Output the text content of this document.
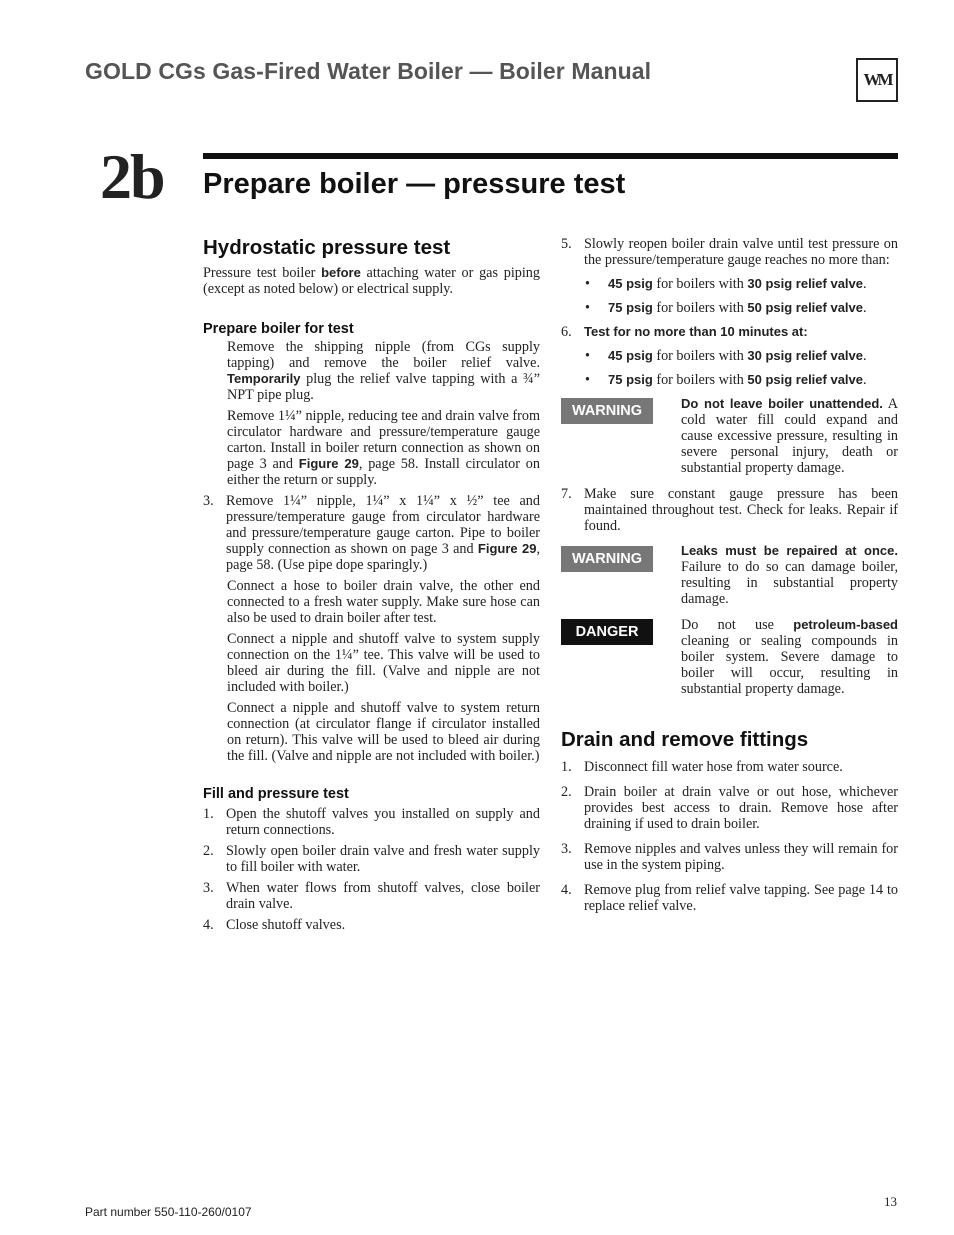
GOLD CGs Gas-Fired Water Boiler — Boiler Manual	WM
2b Prepare boiler — pressure test
Hydrostatic pressure test

Pressure test boiler before attaching water or gas piping (except as noted below) or electrical supply.

Prepare boiler for test

Remove the shipping nipple (from CGs supply tapping) and remove the boiler relief valve. Temporarily plug the relief valve tapping with a ¾” NPT pipe plug.

Remove 1¼” nipple, reducing tee and drain valve from circulator hardware and pressure/temperature gauge carton. Install in boiler return connection as shown on page 3 and Figure 29, page 58. Install circulator on either the return or supply.

3. Remove 1¼” nipple, 1¼” x 1¼” x ½” tee and pressure/temperature gauge from circulator hardware and pressure/temperature gauge carton. Pipe to boiler supply connection as shown on page 3 and Figure 29, page 58. (Use pipe dope sparingly.)

Connect a hose to boiler drain valve, the other end connected to a fresh water supply. Make sure hose can also be used to drain boiler after test.

Connect a nipple and shutoff valve to system supply connection on the 1¼” tee. This valve will be used to bleed air during the fill. (Valve and nipple are not included with boiler.)

Connect a nipple and shutoff valve to system return connection (at circulator flange if circulator installed on return). This valve will be used to bleed air during the fill. (Valve and nipple are not included with boiler.)

Fill and pressure test
1. Open the shutoff valves you installed on supply and return connections.
2. Slowly open boiler drain valve and fresh water supply to fill boiler with water.
3. When water flows from shutoff valves, close boiler drain valve.
4. Close shutoff valves.
5. Slowly reopen boiler drain valve until test pressure on the pressure/temperature gauge reaches no more than:
•	45 psig for boilers with 30 psig relief valve.
•	75 psig for boilers with 50 psig relief valve.
6. Test for no more than 10 minutes at:
•	45 psig for boilers with 30 psig relief valve.
•	75 psig for boilers with 50 psig relief valve.
WARNING	Do not leave boiler unattended. A cold water fill could expand and cause excessive pressure, resulting in severe personal injury, death or substantial property damage.
7. Make sure constant gauge pressure has been maintained throughout test. Check for leaks. Repair if found.
WARNING
Leaks must be repaired at once. Failure to do so can damage boiler, resulting in substantial property damage.
DANGER	Do not use petroleum-based cleaning or sealing compounds in boiler system. Severe damage to boiler will occur, resulting in substantial property damage.
Drain and remove fittings
1. Disconnect fill water hose from water source.
2. Drain boiler at drain valve or out hose, whichever provides best access to drain. Remove hose after draining if used to drain boiler.
3. Remove nipples and valves unless they will remain for use in the system piping.
4. Remove plug from relief valve tapping. See page 14 to replace relief valve.
Part number 550-110-260/0107
13
